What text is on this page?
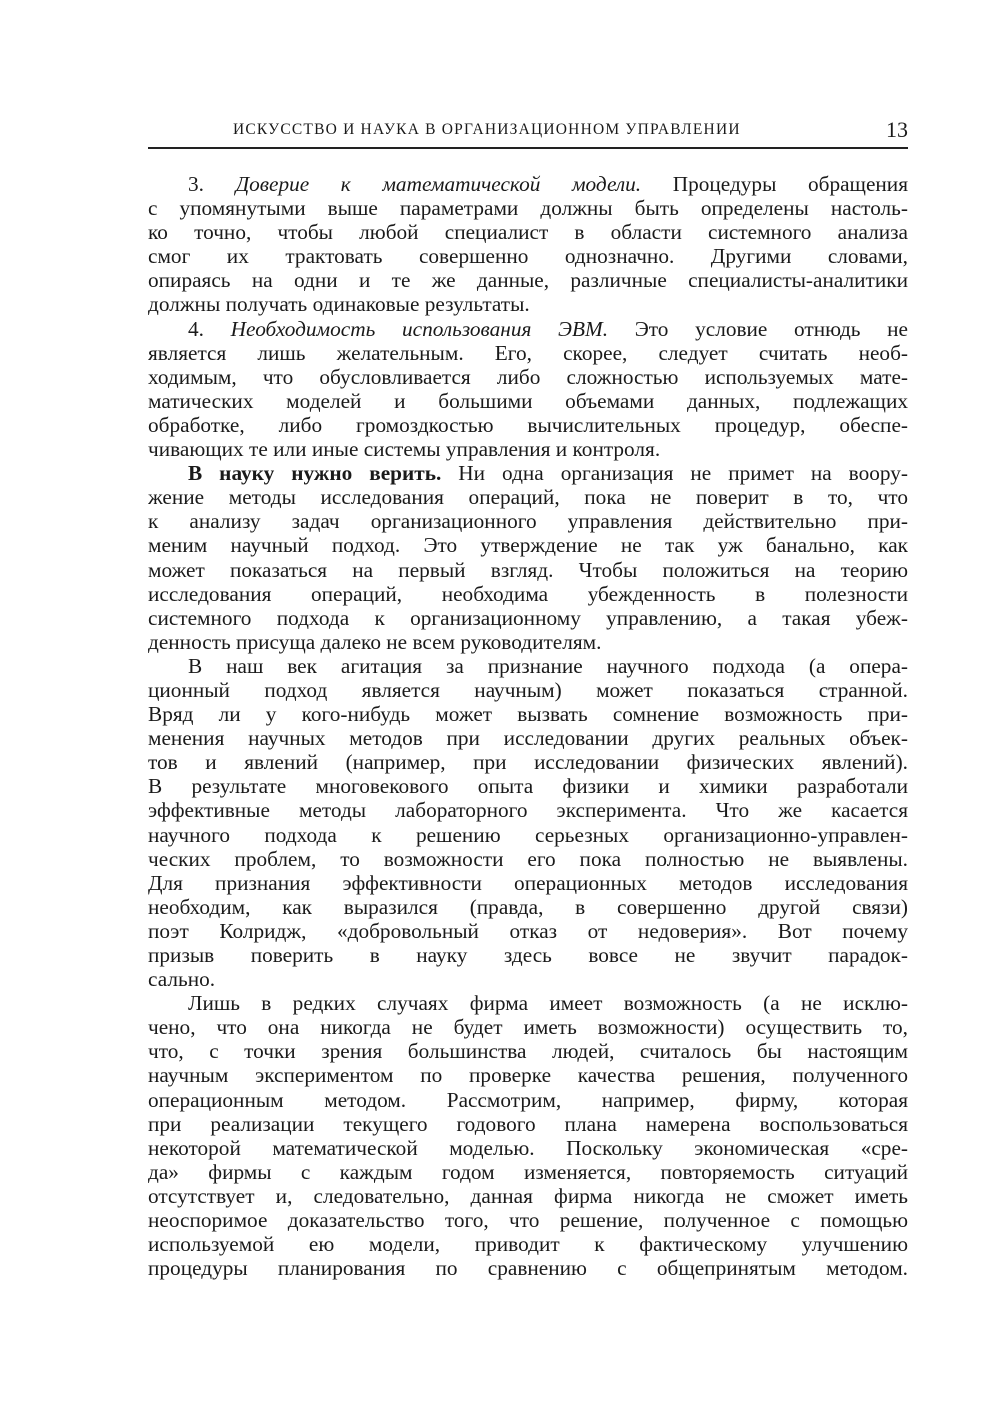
ИСКУССТВО И НАУКА В ОРГАНИЗАЦИОННОМ УПРАВЛЕНИИ	13
3. Доверие к математической модели. Процедуры обращения
с упомянутыми выше параметрами должны быть определены настоль-
ко точно, чтобы любой специалист в области системного анализа
смог их трактовать совершенно однозначно. Другими словами,
опираясь на одни и те же данные, различные специалисты-аналитики
должны получать одинаковые результаты.
4. Необходимость использования ЭВМ. Это условие отнюдь не
является лишь желательным. Его, скорее, следует считать необ-
ходимым, что обусловливается либо сложностью используемых мате-
матических моделей и большими объемами данных, подлежащих
обработке, либо громоздкостью вычислительных процедур, обеспе-
чивающих те или иные системы управления и контроля.
В науку нужно верить. Ни одна организация не примет на воору-
жение методы исследования операций, пока не поверит в то, что
к анализу задач организационного управления действительно при-
меним научный подход. Это утверждение не так уж банально, как
может показаться на первый взгляд. Чтобы положиться на теорию
исследования операций, необходима убежденность в полезности
системного подхода к организационному управлению, а такая убеж-
денность присуща далеко не всем руководителям.
В наш век агитация за признание научного подхода (а опера-
ционный подход является научным) может показаться странной.
Вряд ли у кого-нибудь может вызвать сомнение возможность при-
менения научных методов при исследовании других реальных объек-
тов и явлений (например, при исследовании физических явлений).
В результате многовекового опыта физики и химики разработали
эффективные методы лабораторного эксперимента. Что же касается
научного подхода к решению серьезных организационно-управлен-
ческих проблем, то возможности его пока полностью не выявлены.
Для признания эффективности операционных методов исследования
необходим, как выразился (правда, в совершенно другой связи)
поэт Колридж, «добровольный отказ от недоверия». Вот почему
призыв поверить в науку здесь вовсе не звучит парадок-
сально.
Лишь в редких случаях фирма имеет возможность (а не исклю-
чено, что она никогда не будет иметь возможности) осуществить то,
что, с точки зрения большинства людей, считалось бы настоящим
научным экспериментом по проверке качества решения, полученного
операционным методом. Рассмотрим, например, фирму, которая
при реализации текущего годового плана намерена воспользоваться
некоторой математической моделью. Поскольку экономическая «сре-
да» фирмы с каждым годом изменяется, повторяемость ситуаций
отсутствует и, следовательно, данная фирма никогда не сможет иметь
неоспоримое доказательство того, что решение, полученное с помощью
используемой ею модели, приводит к фактическому улучшению
процедуры планирования по сравнению с общепринятым методом.
